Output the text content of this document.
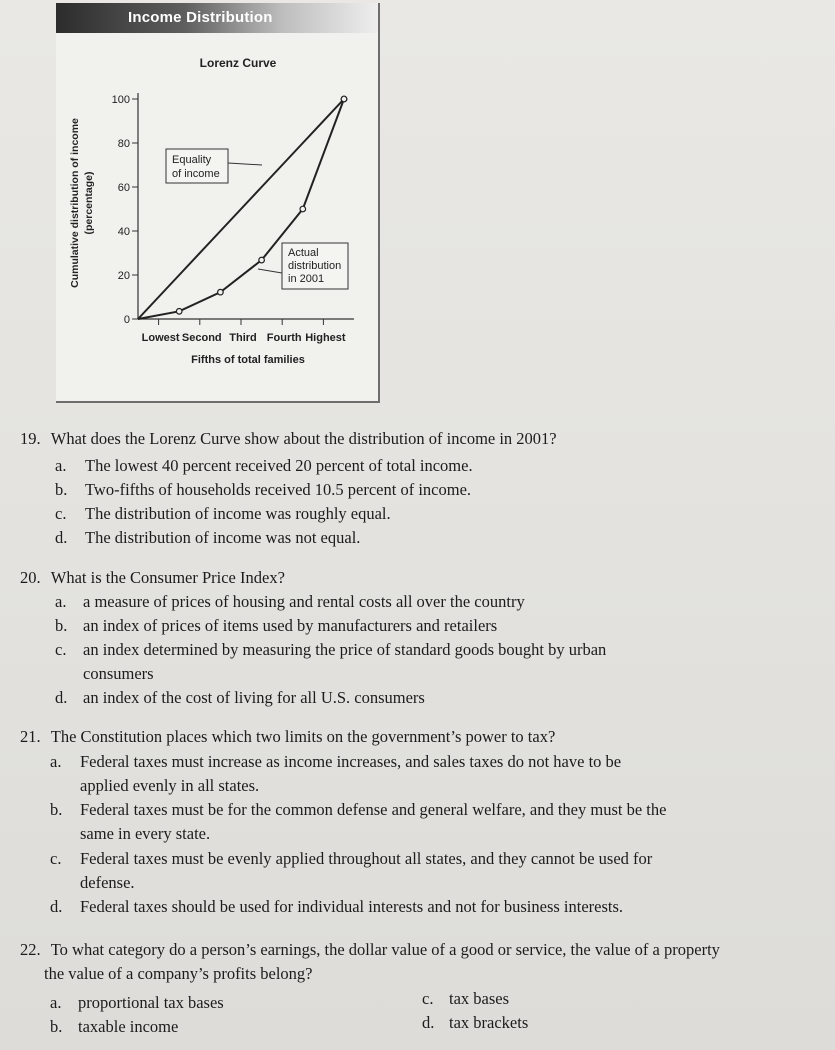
Income Distribution
Lorenz Curve
Cumulative distribution of income (percentage)
0
20
40
60
80
100
Lowest Second Third Fourth Highest
Fifths of total families
Equality
of income
Actual
distribution
in 2001
19. What does the Lorenz Curve show about the distribution of income in 2001?
a. The lowest 40 percent received 20 percent of total income.
b. Two-fifths of households received 10.5 percent of income.
c. The distribution of income was roughly equal.
d. The distribution of income was not equal.
20. What is the Consumer Price Index?
a. a measure of prices of housing and rental costs all over the country
b. an index of prices of items used by manufacturers and retailers
c. an index determined by measuring the price of standard goods bought by urban
consumers
d. an index of the cost of living for all U.S. consumers
21. The Constitution places which two limits on the government’s power to tax?
a. Federal taxes must increase as income increases, and sales taxes do not have to be
applied evenly in all states.
b. Federal taxes must be for the common defense and general welfare, and they must be the
same in every state.
c. Federal taxes must be evenly applied throughout all states, and they cannot be used for
defense.
d. Federal taxes should be used for individual interests and not for business interests.
22. To what category do a person’s earnings, the dollar value of a good or service, the value of a property
the value of a company’s profits belong?
a. proportional tax bases
b. taxable income
c. tax bases
d. tax brackets
